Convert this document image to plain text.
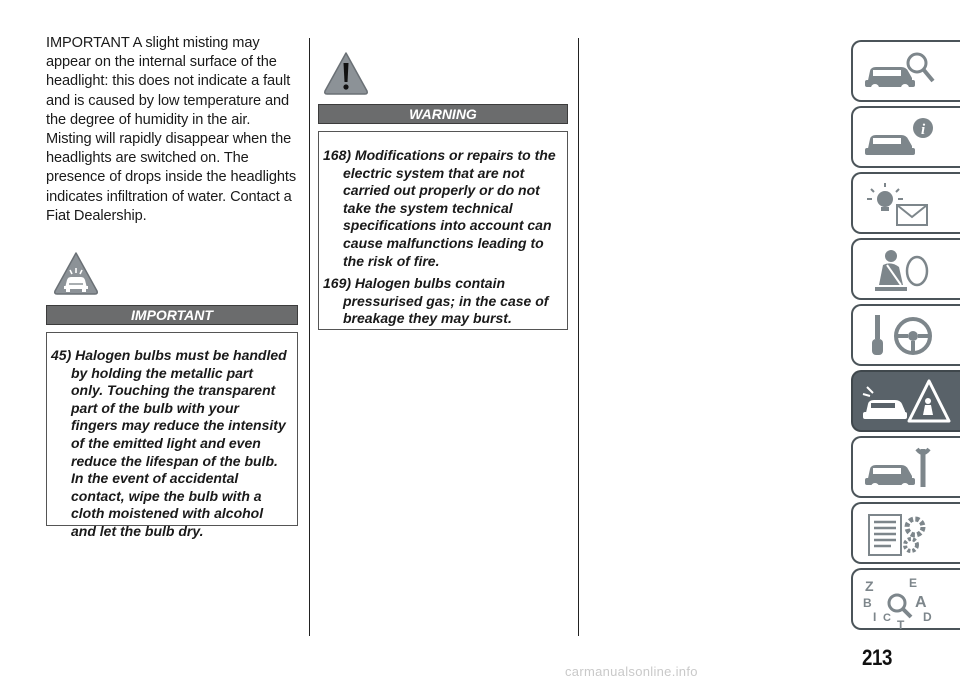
IMPORTANT A slight misting may appear on the internal surface of the headlight: this does not indicate a fault and is caused by low temperature and the degree of humidity in the air. Misting will rapidly disappear when the headlights are switched on. The presence of drops inside the headlights indicates infiltration of water. Contact a Fiat Dealership.

IMPORTANT

45) Halogen bulbs must be handled by holding the metallic part only. Touching the transparent part of the bulb with your fingers may reduce the intensity of the emitted light and even reduce the lifespan of the bulb. In the event of accidental contact, wipe the bulb with a cloth moistened with alcohol and let the bulb dry.

WARNING

168) Modifications or repairs to the electric system that are not carried out properly or do not take the system technical specifications into account can cause malfunctions leading to the risk of fire.

169) Halogen bulbs contain pressurised gas; in the case of breakage they may burst.

i
Z	E
B	A
I C T
D
213
carmanualsonline.info
